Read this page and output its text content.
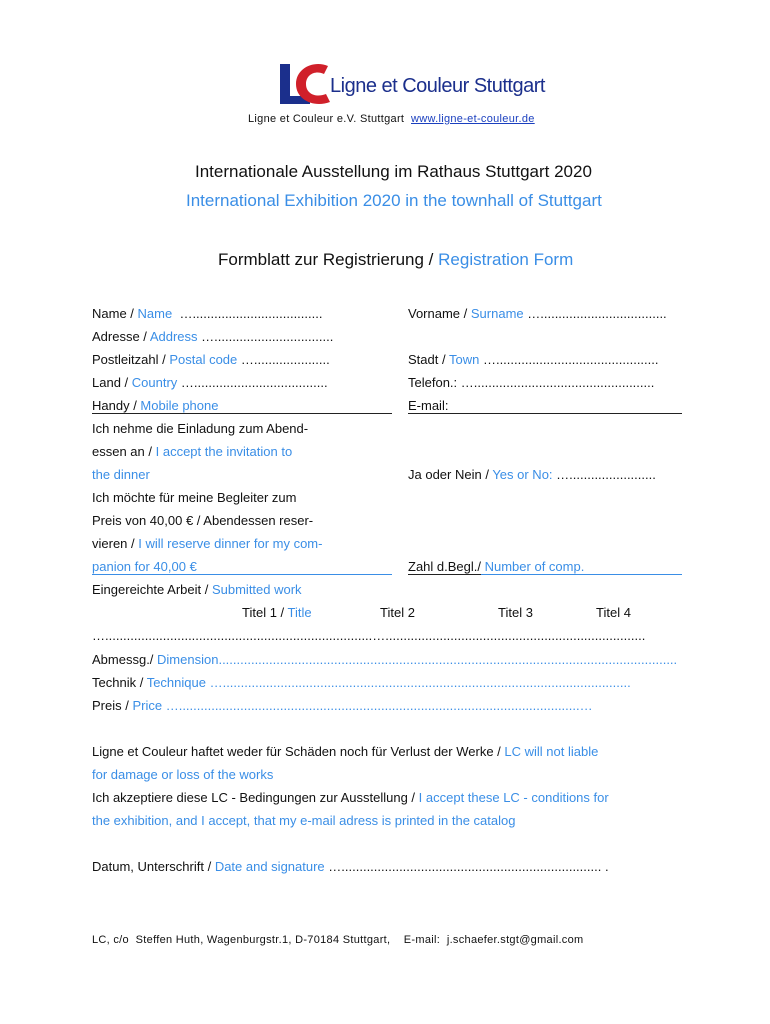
Ligne et Couleur Stuttgart
Ligne et Couleur e.V. Stuttgart www.ligne-et-couleur.de
Internationale Ausstellung im Rathaus Stuttgart 2020
International Exhibition 2020 in the townhall of Stuttgart
Formblatt zur Registrierung / Registration Form
Name / Name …....................................	Vorname / Surname …...................................
Adresse / Address ….................................
Postleitzahl / Postal code ….....................	Stadt / Town ….............................................
Land / Country ….....................................	Telefon.: …..................................................
Handy / Mobile phone	E-mail:
Ich nehme die Einladung zum Abend-
essen an / I accept the invitation to
the dinner	Ja oder Nein / Yes or No: …........................
Ich möchte für meine Begleiter zum
Preis von 40,00 € / Abendessen reser-
vieren / I will reserve dinner for my com-
panion for 40,00 €	Zahl d.Begl./ Number of comp.
Eingereichte Arbeit / Submitted work
Titel 1 / Title	Titel 2	Titel 3	Titel 4
…..........................................................................…........................................................................
Abmessg./ Dimension...............................................................................................................................
Technik / Technique ….................................................................................................................
Preis / Price …...............................................................................................................…
Ligne et Couleur haftet weder für Schäden noch für Verlust der Werke / LC will not liable
for damage or loss of the works
Ich akzeptiere diese LC - Bedingungen zur Ausstellung / I accept these LC - conditions for
the exhibition, and I accept, that my e-mail adress is printed in the catalog
Datum, Unterschrift / Date and signature …........................................................................ .
LC, c/o  Steffen Huth, Wagenburgstr.1, D-70184 Stuttgart,    E-mail:  j.schaefer.stgt@gmail.com
